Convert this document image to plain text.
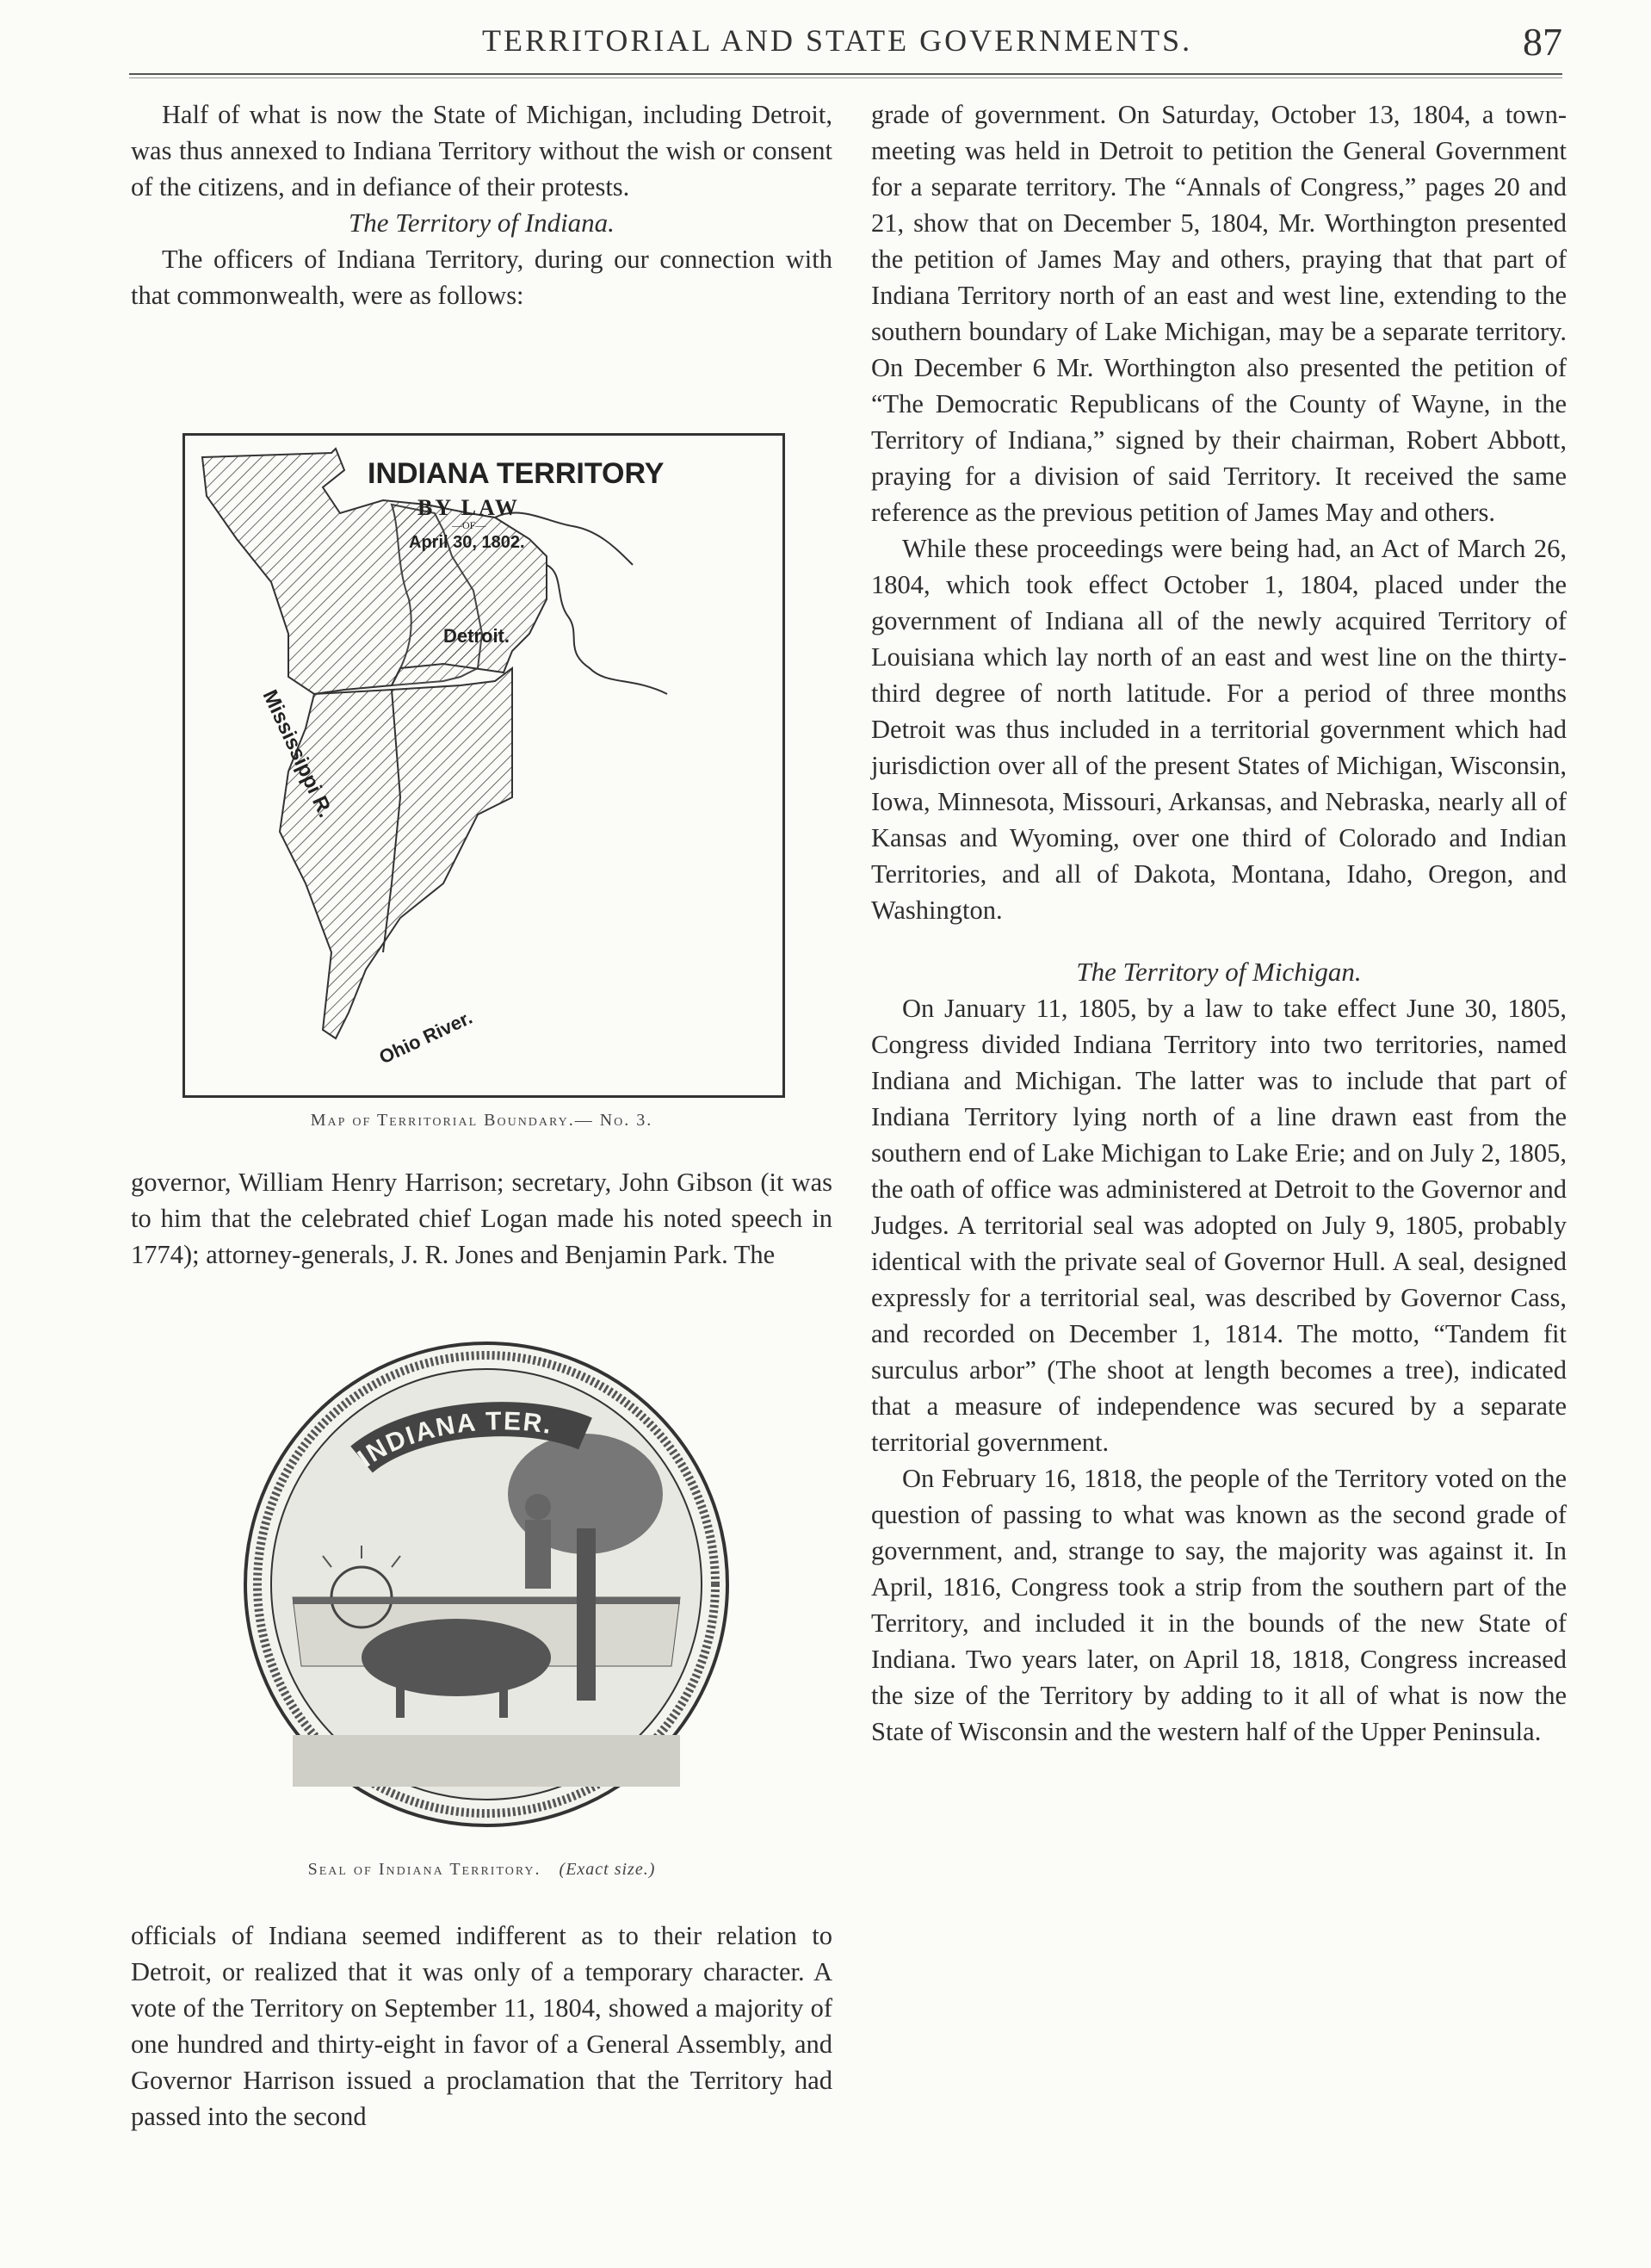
TERRITORIAL AND STATE GOVERNMENTS.	87

Half of what is now the State of Michigan, including Detroit, was thus annexed to Indiana Territory without the wish or consent of the citizens, and in defiance of their protests.

The Territory of Indiana.

The officers of Indiana Territory, during our connection with that commonwealth, were as follows:

INDIANA TERRITORY
BY LAW
—OF—
April 30, 1802.
Mississippi R.
Detroit.
Ohio River.
Map of Territorial Boundary.— No. 3.

governor, William Henry Harrison; secretary, John Gibson (it was to him that the celebrated chief Logan made his noted speech in 1774); attorney-generals, J. R. Jones and Benjamin Park. The

INDIANA TER.
Seal of Indiana Territory. (Exact size.)

officials of Indiana seemed indifferent as to their relation to Detroit, or realized that it was only of a temporary character. A vote of the Territory on September 11, 1804, showed a majority of one hundred and thirty-eight in favor of a General Assembly, and Governor Harrison issued a proclamation that the Territory had passed into the second

grade of government. On Saturday, October 13, 1804, a town-meeting was held in Detroit to petition the General Government for a separate territory. The “Annals of Congress,” pages 20 and 21, show that on December 5, 1804, Mr. Worthington presented the petition of James May and others, praying that that part of Indiana Territory north of an east and west line, extending to the southern boundary of Lake Michigan, may be a separate territory. On December 6 Mr. Worthington also presented the petition of “The Democratic Republicans of the County of Wayne, in the Territory of Indiana,” signed by their chairman, Robert Abbott, praying for a division of said Territory. It received the same reference as the previous petition of James May and others.

While these proceedings were being had, an Act of March 26, 1804, which took effect October 1, 1804, placed under the government of Indiana all of the newly acquired Territory of Louisiana which lay north of an east and west line on the thirty-third degree of north latitude. For a period of three months Detroit was thus included in a territorial government which had jurisdiction over all of the present States of Michigan, Wisconsin, Iowa, Minnesota, Missouri, Arkansas, and Nebraska, nearly all of Kansas and Wyoming, over one third of Colorado and Indian Territories, and all of Dakota, Montana, Idaho, Oregon, and Washington.

The Territory of Michigan.

On January 11, 1805, by a law to take effect June 30, 1805, Congress divided Indiana Territory into two territories, named Indiana and Michigan. The latter was to include that part of Indiana Territory lying north of a line drawn east from the southern end of Lake Michigan to Lake Erie; and on July 2, 1805, the oath of office was administered at Detroit to the Governor and Judges. A territorial seal was adopted on July 9, 1805, probably identical with the private seal of Governor Hull. A seal, designed expressly for a territorial seal, was described by Governor Cass, and recorded on December 1, 1814. The motto, “Tandem fit surculus arbor” (The shoot at length becomes a tree), indicated that a measure of independence was secured by a separate territorial government.

On February 16, 1818, the people of the Territory voted on the question of passing to what was known as the second grade of government, and, strange to say, the majority was against it. In April, 1816, Congress took a strip from the southern part of the Territory, and included it in the bounds of the new State of Indiana. Two years later, on April 18, 1818, Congress increased the size of the Territory by adding to it all of what is now the State of Wisconsin and the western half of the Upper Peninsula.
